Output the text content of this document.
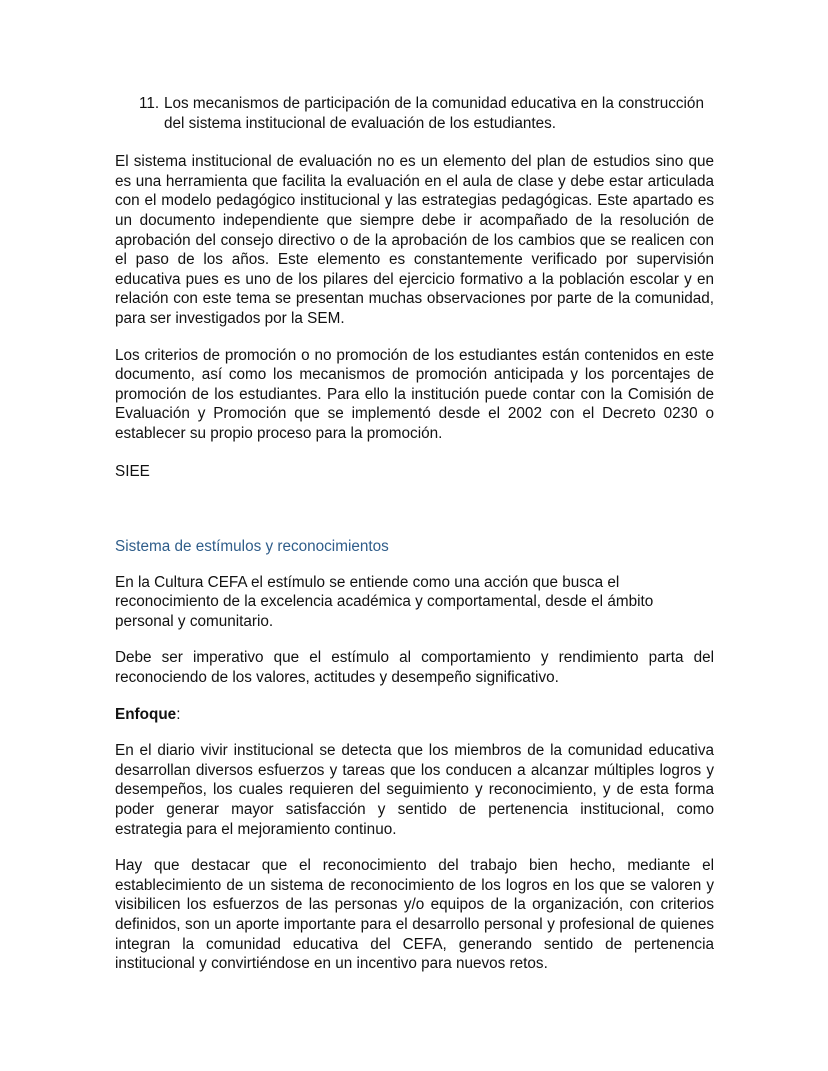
11. Los mecanismos de participación de la comunidad educativa en la construcción del sistema institucional de evaluación de los estudiantes.

El sistema institucional de evaluación no es un elemento del plan de estudios sino que es una herramienta que facilita la evaluación en el aula de clase y debe estar articulada con el modelo pedagógico institucional y las estrategias pedagógicas. Este apartado es un documento independiente que siempre debe ir acompañado de la resolución de aprobación del consejo directivo o de la aprobación de los cambios que se realicen con el paso de los años. Este elemento es constantemente verificado por supervisión educativa pues es uno de los pilares del ejercicio formativo a la población escolar y en relación con este tema se presentan muchas observaciones por parte de la comunidad, para ser investigados por la SEM.

Los criterios de promoción o no promoción de los estudiantes están contenidos en este documento, así como los mecanismos de promoción anticipada y los porcentajes de promoción de los estudiantes. Para ello la institución puede contar con la Comisión de Evaluación y Promoción que se implementó desde el 2002 con el Decreto 0230 o establecer su propio proceso para la promoción.

SIEE

Sistema de estímulos y reconocimientos

En la Cultura CEFA el estímulo se entiende como una acción que busca el reconocimiento de la excelencia académica y comportamental, desde el ámbito personal y comunitario.

Debe ser imperativo que el estímulo al comportamiento y rendimiento parta del reconociendo de los valores, actitudes y desempeño significativo.

Enfoque:

En el diario vivir institucional se detecta que los miembros de la comunidad educativa desarrollan diversos esfuerzos y tareas que los conducen a alcanzar múltiples logros y desempeños, los cuales requieren del seguimiento y reconocimiento, y de esta forma poder generar mayor satisfacción y sentido de pertenencia institucional, como estrategia para el mejoramiento continuo.

Hay que destacar que el reconocimiento del trabajo bien hecho, mediante el establecimiento de un sistema de reconocimiento de los logros en los que se valoren y visibilicen los esfuerzos de las personas y/o equipos de la organización, con criterios definidos, son un aporte importante para el desarrollo personal y profesional de quienes integran la comunidad educativa del CEFA, generando sentido de pertenencia institucional y convirtiéndose en un incentivo para nuevos retos.
